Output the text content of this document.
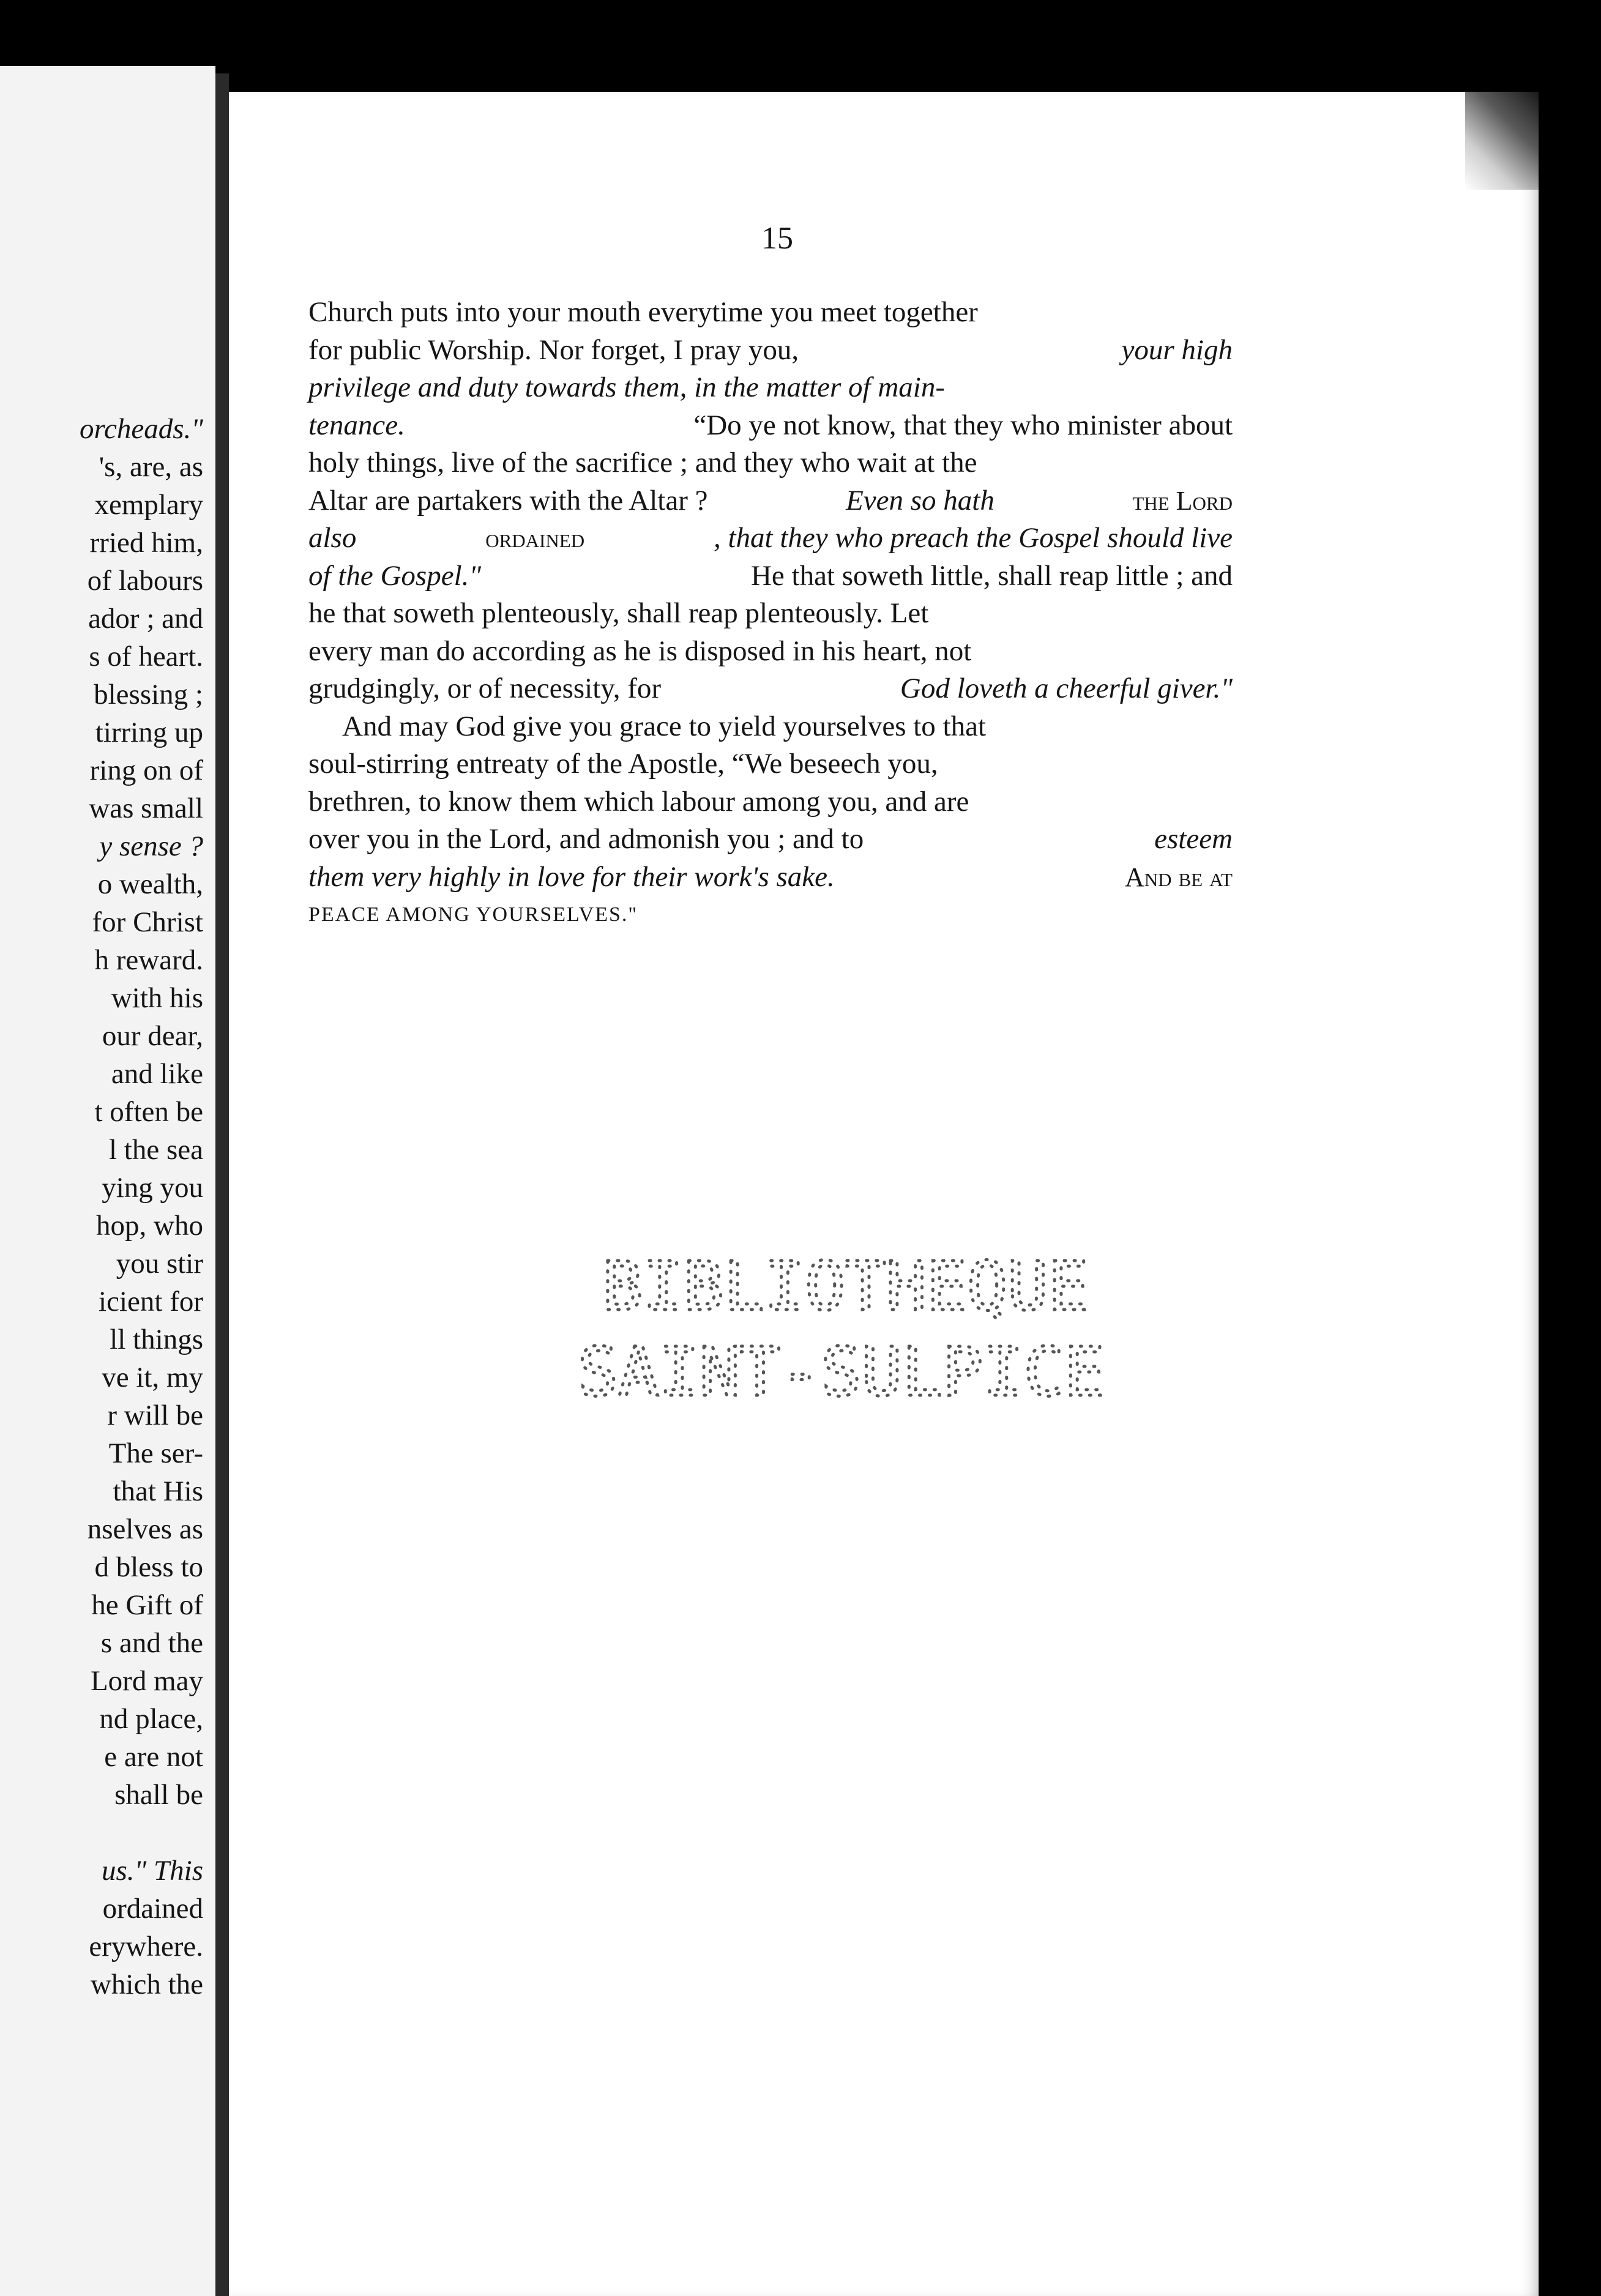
orcheads."
's, are, as
xemplary
rried him,
of labours
ador ; and
s of heart.
blessing ;
tirring up
ring on of
was small
y sense ?
o wealth,
for Christ
h reward.
with his
our dear,
and like
t often be
l the sea
ying you
hop, who
you stir
icient for
ll things
ve it, my
r will be
The ser-
that His
nselves as
d bless to
he Gift of
s and the
Lord may
nd place,
e are not
shall be
us." This
ordained
erywhere.
which the
15
Church puts into your mouth everytime you meet together
for public Worship. Nor forget, I pray you,	your high
privilege and duty towards them, in the matter of main-
tenance.	“Do ye not know, that they who minister about
holy things, live of the sacrifice ; and they who wait at the
Altar are partakers with the Altar ?	Even so hath	the Lord
also	ordained	, that they who preach the Gospel should live
of the Gospel."	He that soweth little, shall reap little ; and
he that soweth plenteously, shall reap plenteously. Let
every man do according as he is disposed in his heart, not
grudgingly, or of necessity, for	God loveth a cheerful giver."
And may God give you grace to yield yourselves to that
soul-stirring entreaty of the Apostle, “We beseech you,
brethren, to know them which labour among you, and are
over you in the Lord, and admonish you ; and to	esteem
them very highly in love for their work's sake.	And be at
PEACE AMONG YOURSELVES."
BIBLIOTHEQUE
SAINT-SULPICE
